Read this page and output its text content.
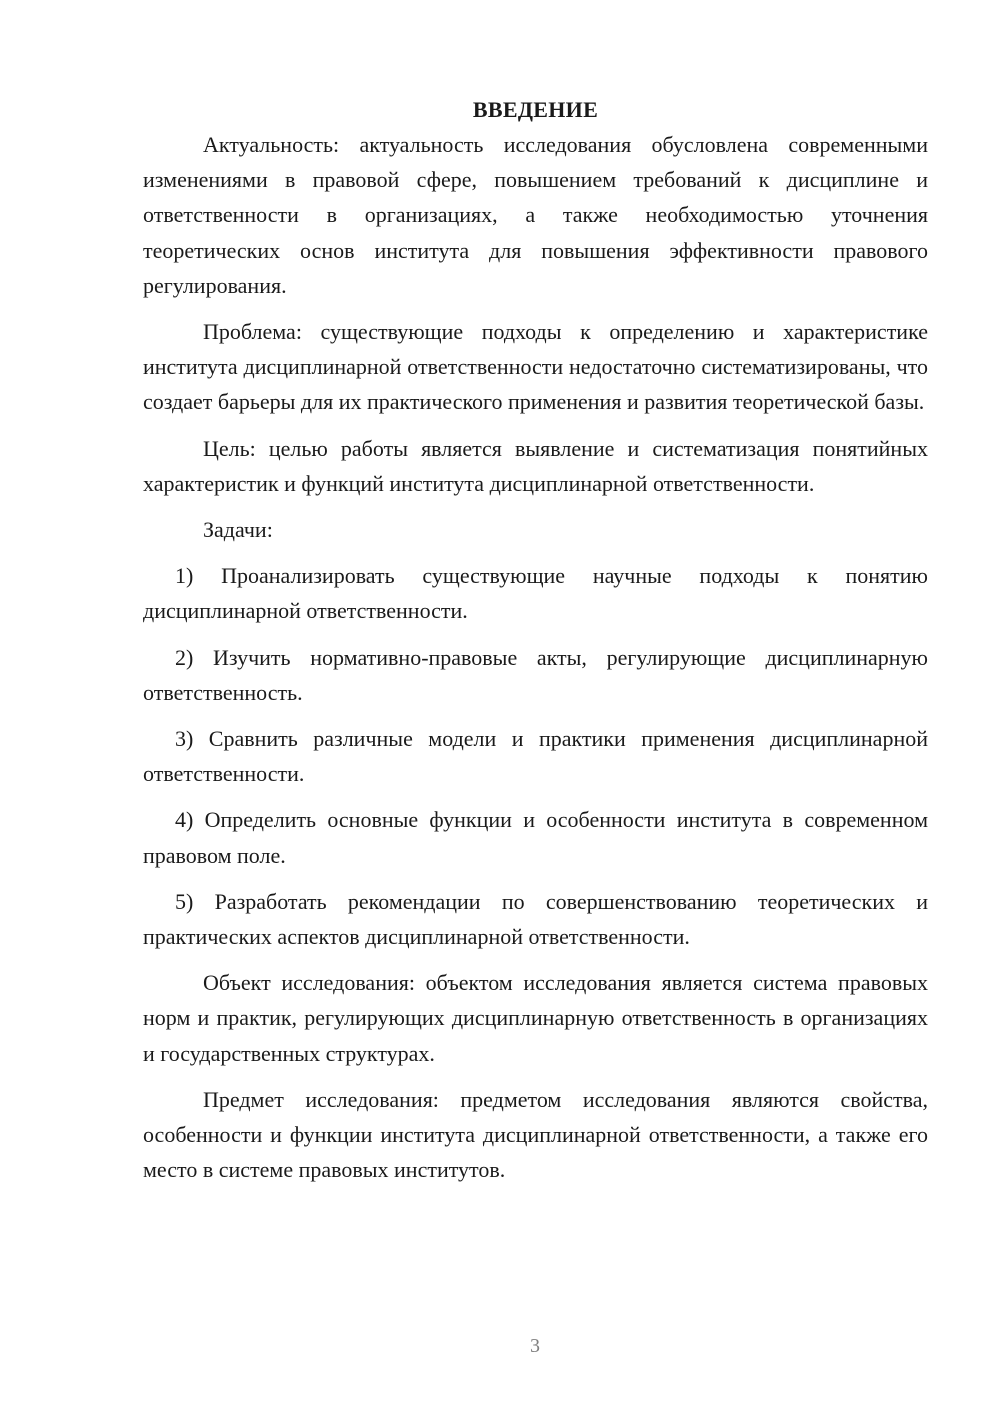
ВВЕДЕНИЕ

Актуальность: актуальность исследования обусловлена современными изменениями в правовой сфере, повышением требований к дисциплине и ответственности в организациях, а также необходимостью уточнения теоретических основ института для повышения эффективности правового регулирования.

Проблема: существующие подходы к определению и характеристике института дисциплинарной ответственности недостаточно систематизированы, что создает барьеры для их практического применения и развития теоретической базы.

Цель: целью работы является выявление и систематизация понятийных характеристик и функций института дисциплинарной ответственности.

Задачи:

1) Проанализировать существующие научные подходы к понятию дисциплинарной ответственности.

2) Изучить нормативно-правовые акты, регулирующие дисциплинарную ответственность.

3) Сравнить различные модели и практики применения дисциплинарной ответственности.

4) Определить основные функции и особенности института в современном правовом поле.

5) Разработать рекомендации по совершенствованию теоретических и практических аспектов дисциплинарной ответственности.

Объект исследования: объектом исследования является система правовых норм и практик, регулирующих дисциплинарную ответственность в организациях и государственных структурах.

Предмет исследования: предметом исследования являются свойства, особенности и функции института дисциплинарной ответственности, а также его место в системе правовых институтов.

3
